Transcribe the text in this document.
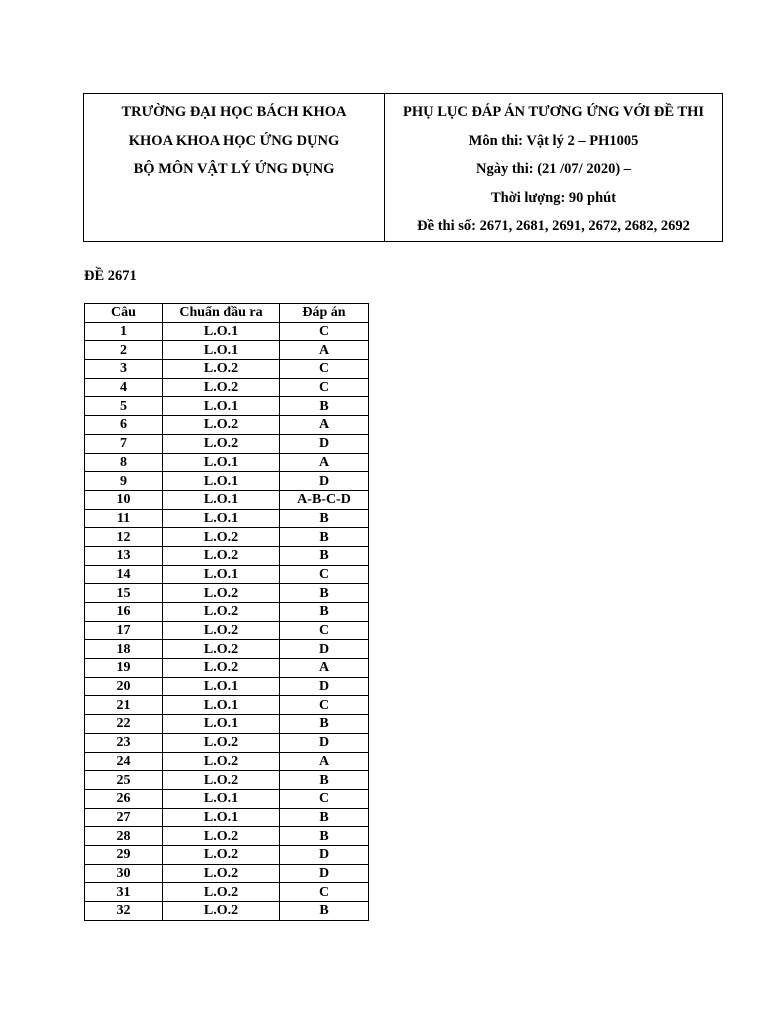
TRƯỜNG ĐẠI HỌC BÁCH KHOA
KHOA KHOA HỌC ỨNG DỤNG
BỘ MÔN VẬT LÝ ỨNG DỤNG

PHỤ LỤC ĐÁP ÁN TƯƠNG ỨNG VỚI ĐỀ THI
Môn thi: Vật lý 2 – PH1005
Ngày thi: (21 /07/ 2020) –
Thời lượng: 90 phút
Đề thi số: 2671, 2681, 2691, 2672, 2682, 2692
ĐỀ 2671
Câu	Chuẩn đầu ra	Đáp án
1	L.O.1	C
2	L.O.1	A
3	L.O.2	C
4	L.O.2	C
5	L.O.1	B
6	L.O.2	A
7	L.O.2	D
8	L.O.1	A
9	L.O.1	D
10	L.O.1	A-B-C-D
11	L.O.1	B
12	L.O.2	B
13	L.O.2	B
14	L.O.1	C
15	L.O.2	B
16	L.O.2	B
17	L.O.2	C
18	L.O.2	D
19	L.O.2	A
20	L.O.1	D
21	L.O.1	C
22	L.O.1	B
23	L.O.2	D
24	L.O.2	A
25	L.O.2	B
26	L.O.1	C
27	L.O.1	B
28	L.O.2	B
29	L.O.2	D
30	L.O.2	D
31	L.O.2	C
32	L.O.2	B
